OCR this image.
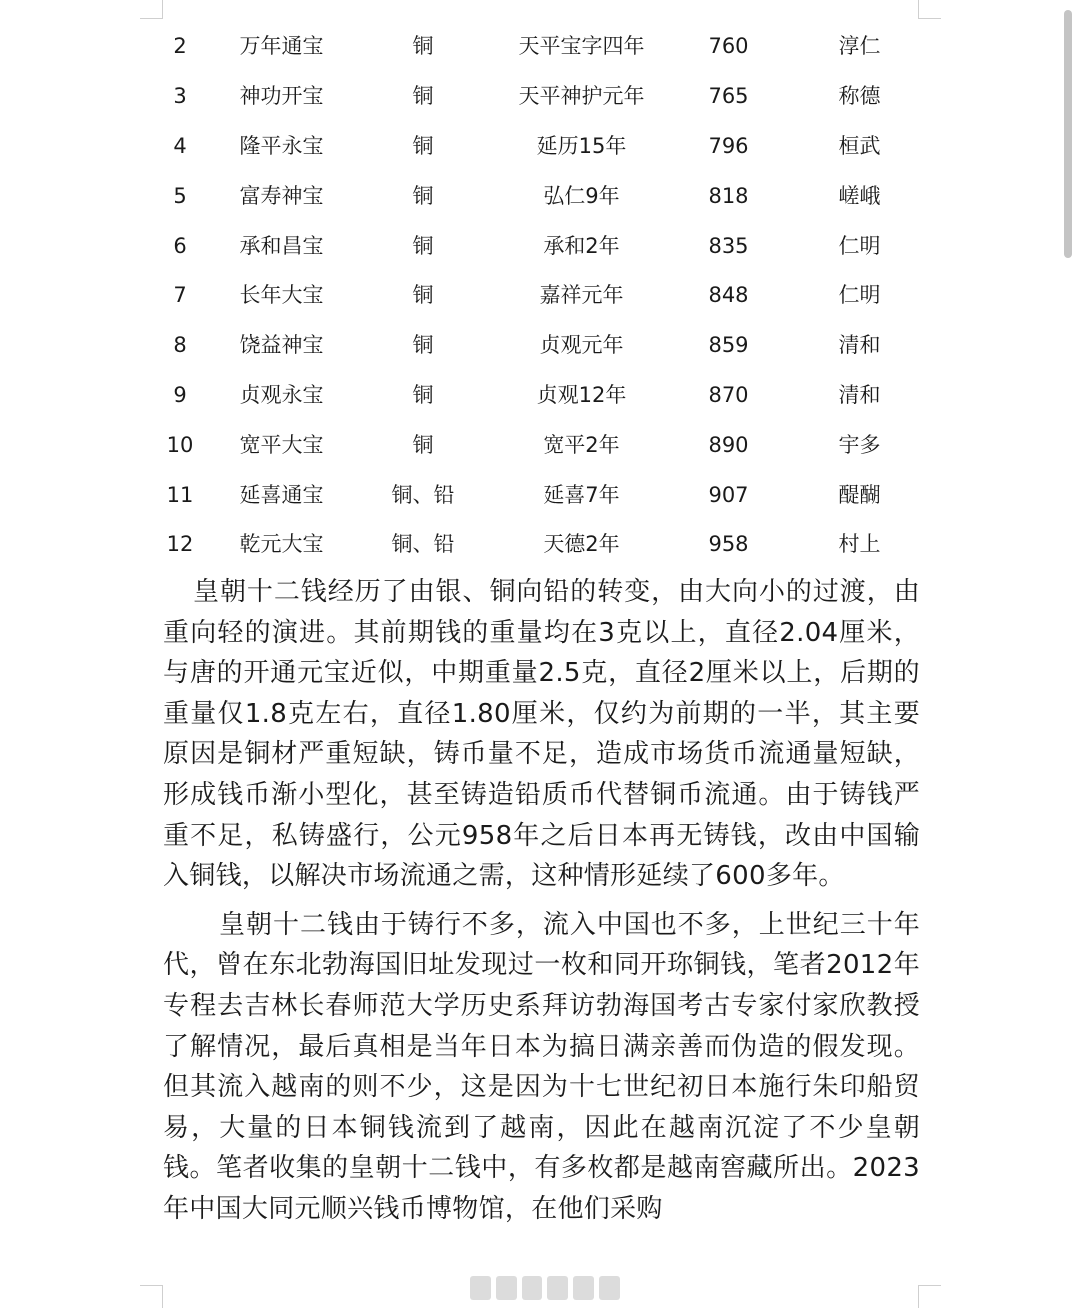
2	万年通宝	铜	天平宝字四年	760	淳仁
3	神功开宝	铜	天平神护元年	765	称德
4	隆平永宝	铜	延历15年	796	桓武
5	富寿神宝	铜	弘仁9年	818	嵯峨
6	承和昌宝	铜	承和2年	835	仁明
7	长年大宝	铜	嘉祥元年	848	仁明
8	饶益神宝	铜	贞观元年	859	清和
9	贞观永宝	铜	贞观12年	870	清和
10	宽平大宝	铜	宽平2年	890	宇多
11	延喜通宝	铜、铅	延喜7年	907	醍醐
12	乾元大宝	铜、铅	天德2年	958	村上

皇朝十二钱经历了由银、铜向铅的转变，由大向小的过渡，由重向轻的演进。其前期钱的重量均在3克以上，直径2.04厘米，与唐的开通元宝近似，中期重量2.5克，直径2厘米以上，后期的重量仅1.8克左右，直径1.80厘米，仅约为前期的一半，其主要原因是铜材严重短缺，铸币量不足，造成市场货币流通量短缺，形成钱币渐小型化，甚至铸造铅质币代替铜币流通。由于铸钱严重不足，私铸盛行，公元958年之后日本再无铸钱，改由中国输入铜钱，以解决市场流通之需，这种情形延续了600多年。

皇朝十二钱由于铸行不多，流入中国也不多，上世纪三十年代，曾在东北勃海国旧址发现过一枚和同开珎铜钱，笔者2012年专程去吉林长春师范大学历史系拜访勃海国考古专家付家欣教授了解情况，最后真相是当年日本为搞日满亲善而伪造的假发现。但其流入越南的则不少，这是因为十七世纪初日本施行朱印船贸易，大量的日本铜钱流到了越南，因此在越南沉淀了不少皇朝钱。笔者收集的皇朝十二钱中，有多枚都是越南窖藏所出。2023年中国大同元顺兴钱币博物馆，在他们采购
